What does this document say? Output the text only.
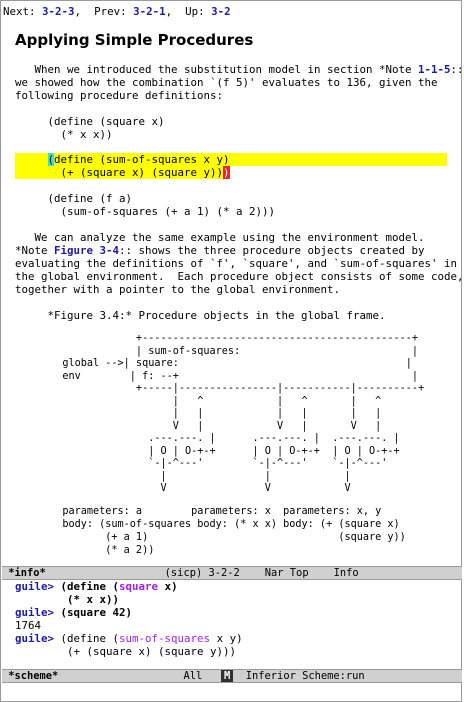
Next: 3-2-3,  Prev: 3-2-1,  Up: 3-2
Applying Simple Procedures
When we introduced the substitution model in section *Note 1-1-5::
we showed how the combination `(f 5)' evaluates to 136, given the
following procedure definitions:
(define (square x)
(* x x))
(define (sum-of-squares x y)
(+ (square x) (square y)))
(define (f a)
(sum-of-squares (+ a 1) (* a 2)))
We can analyze the same example using the environment model.
*Note Figure 3-4:: shows the three procedure objects created by
evaluating the definitions of `f', `square', and `sum-of-squares' in
the global environment.  Each procedure object consists of some code,
together with a pointer to the global environment.
*Figure 3.4:* Procedure objects in the global frame.
+--------------------------------------------+
| sum-of-squares:                            |
global -->| square:                                     |
env        | f: --+                                      |
+-----|----------------|-----------|----------+
|   ^            |   ^       |   ^
|   |            |   |       |   |
V   |            V   |       V   |
.---.---. |      .---.---. |  .---.---. |
| O | O-+-+      | O | O-+-+  | O | O-+-+
`-|-^---'        `-|-^---'    `-|-^---'
|                |            |
V                V            V
parameters: a        parameters: x  parameters: x, y
body: (sum-of-squares body: (* x x) body: (+ (square x)
(+ a 1)                               (square y))
(* a 2))
*info*	(sicp) 3-2-2 Nar Top Info
guile> (define (square x)
(* x x))
guile> (square 42)
1764
guile> (define (sum-of-squares x y)
(+ (square x) (square y)))
*scheme*	All M Inferior Scheme:run
